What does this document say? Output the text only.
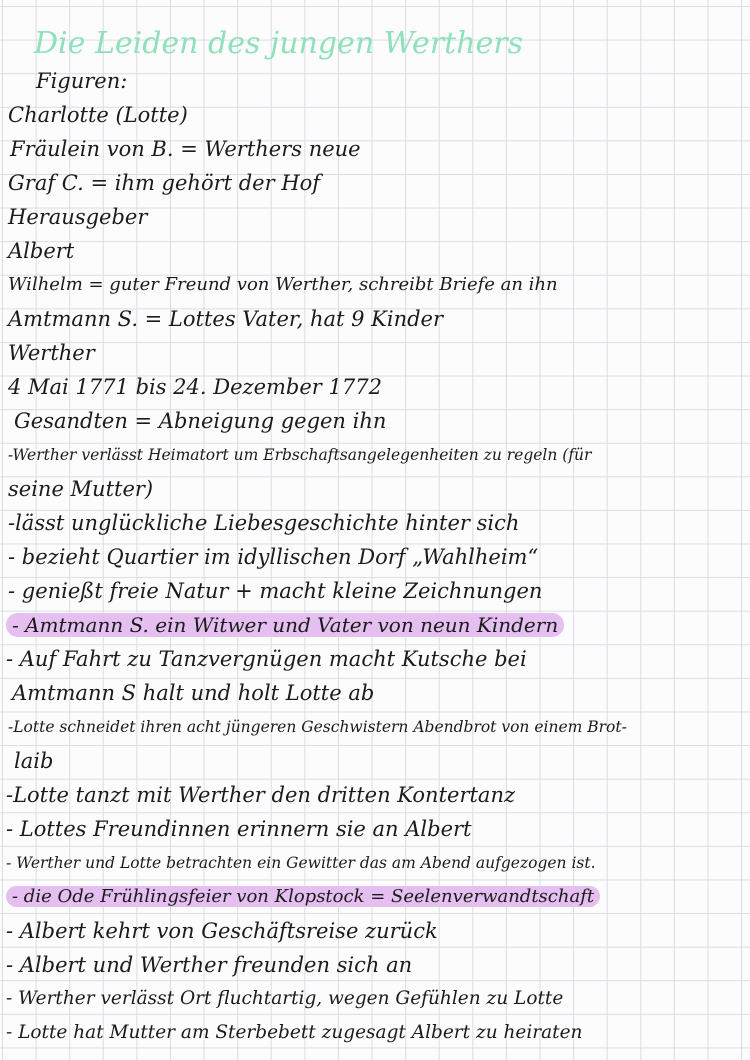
Die Leiden des jungen Werthers
Figuren:
Charlotte (Lotte)
Fräulein von B. = Werthers neue
Graf C. = ihm gehört der Hof
Herausgeber
Albert
Wilhelm = guter Freund von Werther, schreibt Briefe an ihn
Amtmann S. = Lottes Vater, hat 9 Kinder
Werther
4 Mai 1771 bis 24. Dezember 1772
Gesandten = Abneigung gegen ihn
-Werther verlässt Heimatort um Erbschaftsangelegenheiten zu regeln (für
seine Mutter)
-lässt unglückliche Liebesgeschichte hinter sich
- bezieht Quartier im idyllischen Dorf „Wahlheim“
- genießt freie Natur + macht kleine Zeichnungen
- Amtmann S. ein Witwer und Vater von neun Kindern
- Auf Fahrt zu Tanzvergnügen macht Kutsche bei
Amtmann S halt und holt Lotte ab
-Lotte schneidet ihren acht jüngeren Geschwistern Abendbrot von einem Brot-
laib
-Lotte tanzt mit Werther den dritten Kontertanz
- Lottes Freundinnen erinnern sie an Albert
- Werther und Lotte betrachten ein Gewitter das am Abend aufgezogen ist.
- die Ode Frühlingsfeier von Klopstock = Seelenverwandtschaft
- Albert kehrt von Geschäftsreise zurück
- Albert und Werther freunden sich an
- Werther verlässt Ort fluchtartig, wegen Gefühlen zu Lotte
- Lotte hat Mutter am Sterbebett zugesagt Albert zu heiraten
